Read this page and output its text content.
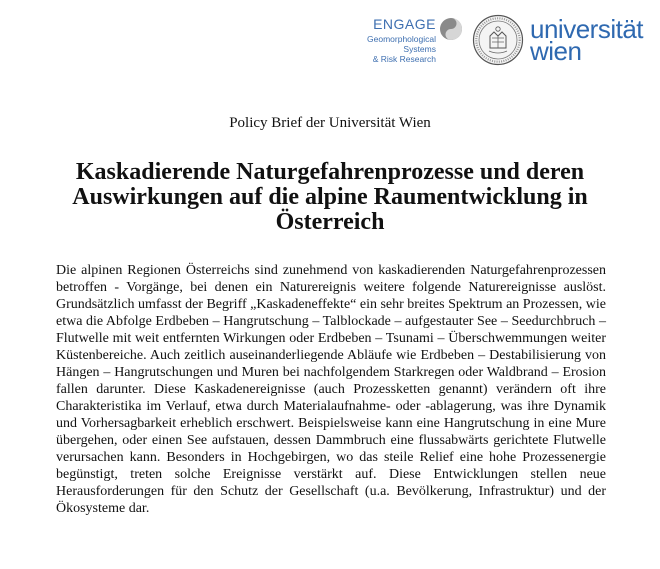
ENGAGE
Geomorphological Systems
& Risk Research
universität
wien
Policy Brief der Universität Wien
Kaskadierende Naturgefahrenprozesse und deren
Auswirkungen auf die alpine Raumentwicklung in
Österreich

Die alpinen Regionen Österreichs sind zunehmend von kaskadierenden Naturgefahrenprozessen betroffen - Vorgänge, bei denen ein Naturereignis weitere folgende Naturereignisse auslöst. Grundsätzlich umfasst der Begriff „Kaskadeneffekte“ ein sehr breites Spektrum an Prozessen, wie etwa die Abfolge Erdbeben – Hangrutschung – Talblockade – aufgestauter See – Seedurchbruch – Flutwelle mit weit entfernten Wirkungen oder Erdbeben – Tsunami – Überschwemmungen weiter Küstenbereiche. Auch zeitlich auseinanderliegende Abläufe wie Erdbeben – Destabilisierung von Hängen – Hangrutschungen und Muren bei nachfolgendem Starkregen oder Waldbrand – Erosion fallen darunter. Diese Kaskadenereignisse (auch Prozessketten genannt) verändern oft ihre Charakteristika im Verlauf, etwa durch Materialaufnahme- oder -ablagerung, was ihre Dynamik und Vorhersagbarkeit erheblich erschwert. Beispielsweise kann eine Hangrutschung in eine Mure übergehen, oder einen See aufstauen, dessen Dammbruch eine flussabwärts gerichtete Flutwelle verursachen kann. Besonders in Hochgebirgen, wo das steile Relief eine hohe Prozessenergie begünstigt, treten solche Ereignisse verstärkt auf. Diese Entwicklungen stellen neue Herausforderungen für den Schutz der Gesellschaft (u.a. Bevölkerung, Infrastruktur) und der Ökosysteme dar.
